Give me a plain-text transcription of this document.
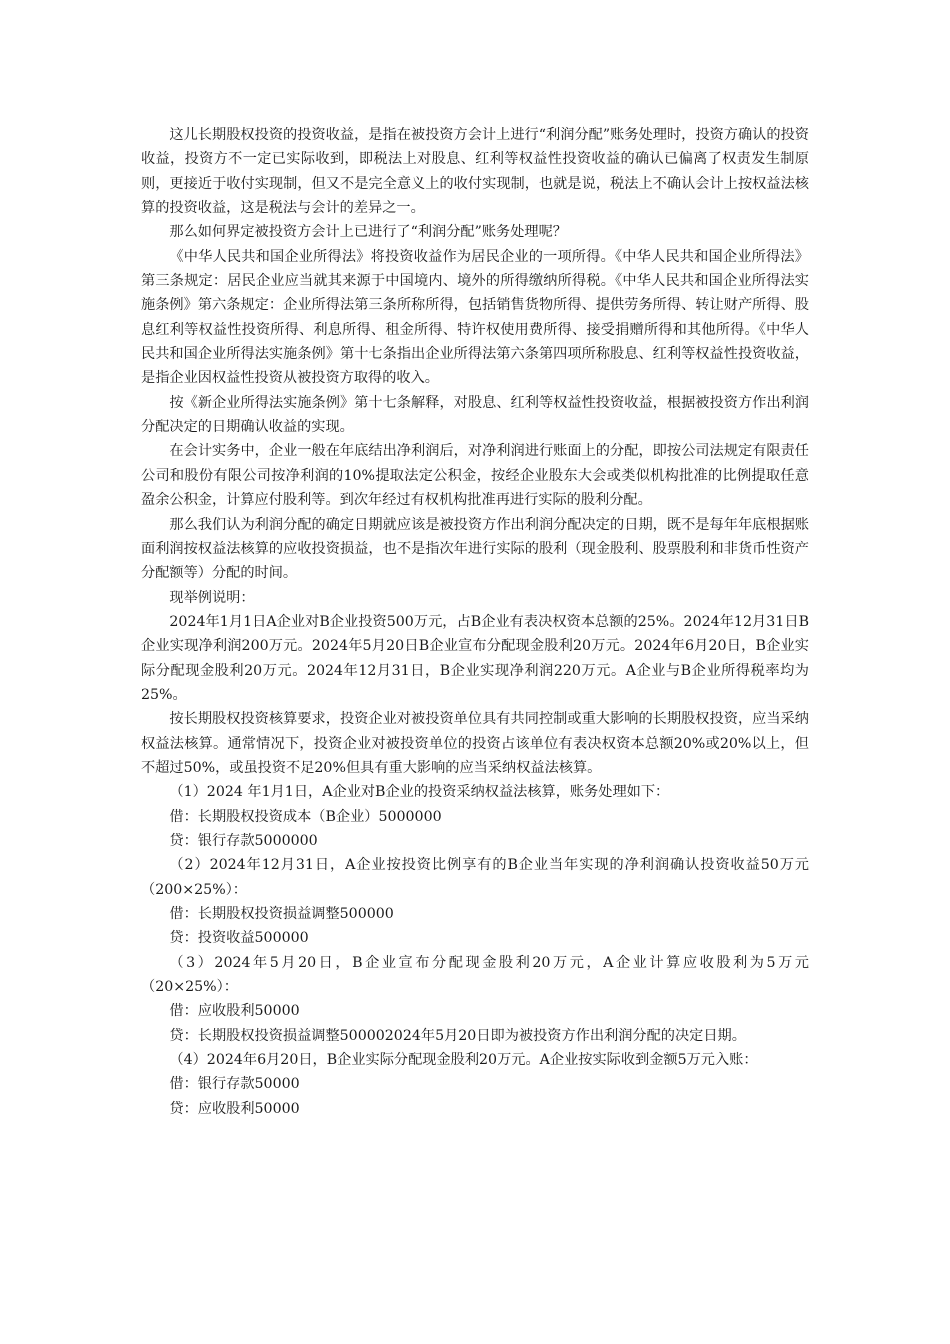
这儿长期股权投资的投资收益，是指在被投资方会计上进行“利润分配”账务处理时，投资方确认的投资收益，投资方不一定已实际收到，即税法上对股息、红利等权益性投资收益的确认已偏离了权责发生制原则，更接近于收付实现制，但又不是完全意义上的收付实现制，也就是说，税法上不确认会计上按权益法核算的投资收益，这是税法与会计的差异之一。

那么如何界定被投资方会计上已进行了“利润分配”账务处理呢？

《中华人民共和国企业所得法》将投资收益作为居民企业的一项所得。《中华人民共和国企业所得法》第三条规定：居民企业应当就其来源于中国境内、境外的所得缴纳所得税。《中华人民共和国企业所得法实施条例》第六条规定：企业所得法第三条所称所得，包括销售货物所得、提供劳务所得、转让财产所得、股息红利等权益性投资所得、利息所得、租金所得、特许权使用费所得、接受捐赠所得和其他所得。《中华人民共和国企业所得法实施条例》第十七条指出企业所得法第六条第四项所称股息、红利等权益性投资收益，是指企业因权益性投资从被投资方取得的收入。

按《新企业所得法实施条例》第十七条解释，对股息、红利等权益性投资收益，根据被投资方作出利润分配决定的日期确认收益的实现。

在会计实务中，企业一般在年底结出净利润后，对净利润进行账面上的分配，即按公司法规定有限责任公司和股份有限公司按净利润的10%提取法定公积金，按经企业股东大会或类似机构批准的比例提取任意盈余公积金，计算应付股利等。到次年经过有权机构批准再进行实际的股利分配。

那么我们认为利润分配的确定日期就应该是被投资方作出利润分配决定的日期，既不是每年年底根据账面利润按权益法核算的应收投资损益，也不是指次年进行实际的股利（现金股利、股票股利和非货币性资产分配额等）分配的时间。

现举例说明：

2024年1月1日A企业对B企业投资500万元，占B企业有表决权资本总额的25%。2024年12月31日B企业实现净利润200万元。2024年5月20日B企业宣布分配现金股利20万元。2024年6月20日，B企业实际分配现金股利20万元。2024年12月31日，B企业实现净利润220万元。A企业与B企业所得税率均为25%。

按长期股权投资核算要求，投资企业对被投资单位具有共同控制或重大影响的长期股权投资，应当采纳权益法核算。通常情况下，投资企业对被投资单位的投资占该单位有表决权资本总额20%或20%以上，但不超过50%，或虽投资不足20%但具有重大影响的应当采纳权益法核算。

（1）2024 年1月1日，A企业对B企业的投资采纳权益法核算，账务处理如下：

借：长期股权投资成本（B企业）5000000

贷：银行存款5000000

（2）2024年12月31日，A企业按投资比例享有的B企业当年实现的净利润确认投资收益50万元（200×25%）：

借：长期股权投资损益调整500000

贷：投资收益500000

（3）2024年5月20日，B企业宣布分配现金股利20万元，A企业计算应收股利为5万元（20×25%）：

借：应收股利50000

贷：长期股权投资损益调整500002024年5月20日即为被投资方作出利润分配的决定日期。

（4）2024年6月20日，B企业实际分配现金股利20万元。A企业按实际收到金额5万元入账：

借：银行存款50000

贷：应收股利50000
